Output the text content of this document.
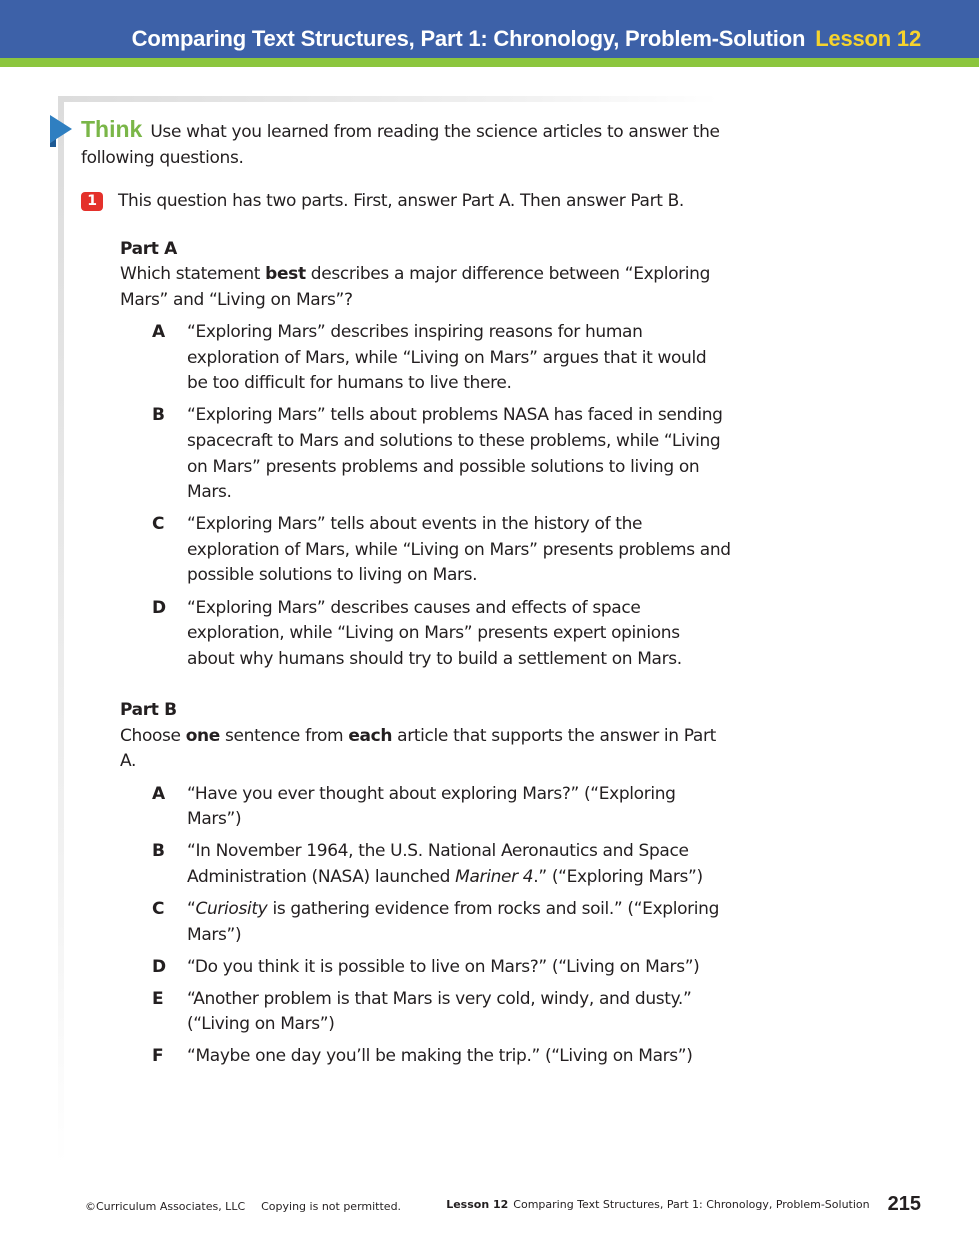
Comparing Text Structures, Part 1: Chronology, Problem-Solution Lesson 12
Think Use what you learned from reading the science articles to answer the following questions.
1	This question has two parts. First, answer Part A. Then answer Part B.
Part A
Which statement best describes a major difference between “Exploring Mars” and “Living on Mars”?
A “Exploring Mars” describes inspiring reasons for human exploration of Mars, while “Living on Mars” argues that it would be too difficult for humans to live there.
B “Exploring Mars” tells about problems NASA has faced in sending spacecraft to Mars and solutions to these problems, while “Living on Mars” presents problems and possible solutions to living on Mars.
C “Exploring Mars” tells about events in the history of the exploration of Mars, while “Living on Mars” presents problems and possible solutions to living on Mars.
D “Exploring Mars” describes causes and effects of space exploration, while “Living on Mars” presents expert opinions about why humans should try to build a settlement on Mars.
Part B
Choose one sentence from each article that supports the answer in Part A.
A “Have you ever thought about exploring Mars?” (“Exploring Mars”)
B “In November 1964, the U.S. National Aeronautics and Space Administration (NASA) launched Mariner 4.” (“Exploring Mars”)
C “Curiosity is gathering evidence from rocks and soil.” (“Exploring Mars”)
D “Do you think it is possible to live on Mars?” (“Living on Mars”)
E “Another problem is that Mars is very cold, windy, and dusty.” (“Living on Mars”)
F “Maybe one day you’ll be making the trip.” (“Living on Mars”)
©Curriculum Associates, LLC Copying is not permitted.	Lesson 12 Comparing Text Structures, Part 1: Chronology, Problem-Solution 215
